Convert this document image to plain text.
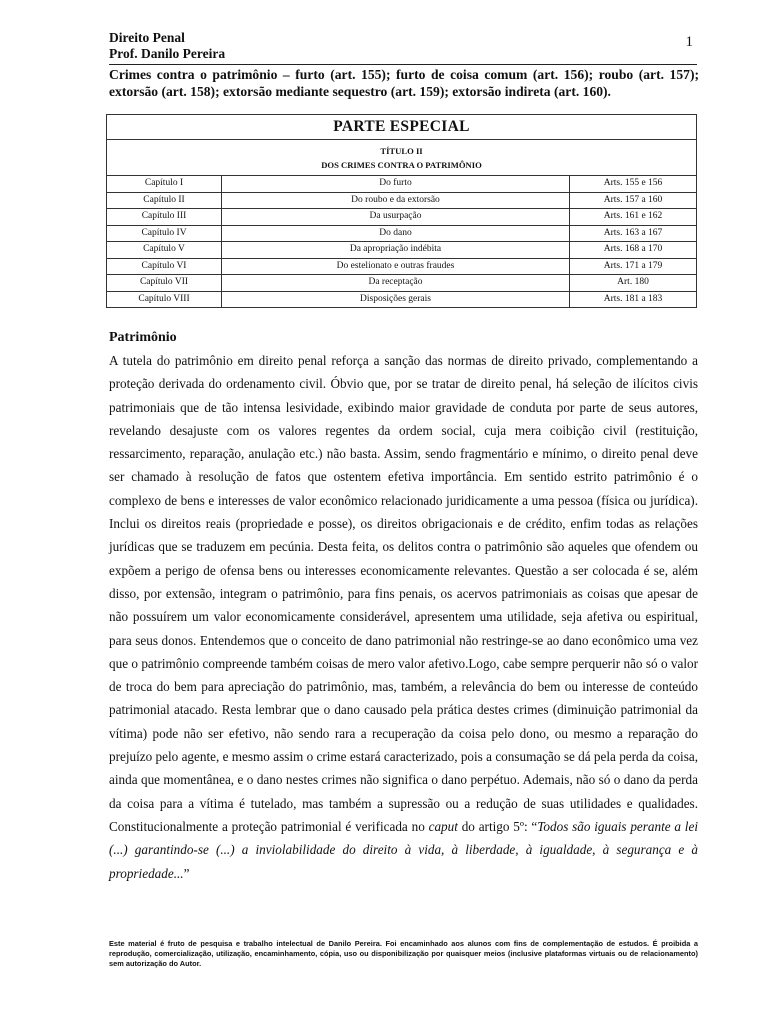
Direito Penal
Prof. Danilo Pereira
1
Crimes contra o patrimônio – furto (art. 155); furto de coisa comum (art. 156); roubo (art. 157); extorsão (art. 158); extorsão mediante sequestro (art. 159); extorsão indireta (art. 160).
PARTE ESPECIAL		

TÍTULO II
DOS CRIMES CONTRA O PATRIMÔNIO		

Capítulo I	Do furto	Arts. 155 e 156
Capítulo II	Do roubo e da extorsão	Arts. 157 a 160
Capítulo III	Da usurpação	Arts. 161 e 162
Capítulo IV	Do dano	Arts. 163 a 167
Capítulo V	Da apropriação indébita	Arts. 168 a 170
Capítulo VI	Do estelionato e outras fraudes	Arts. 171 a 179
Capítulo VII	Da receptação	Art. 180
Capítulo VIII	Disposições gerais	Arts. 181 a 183
Patrimônio
A tutela do patrimônio em direito penal reforça a sanção das normas de direito privado, complementando a proteção derivada do ordenamento civil. Óbvio que, por se tratar de direito penal, há seleção de ilícitos civis patrimoniais que de tão intensa lesividade, exibindo maior gravidade de conduta por parte de seus autores, revelando desajuste com os valores regentes da ordem social, cuja mera coibição civil (restituição, ressarcimento, reparação, anulação etc.) não basta. Assim, sendo fragmentário e mínimo, o direito penal deve ser chamado à resolução de fatos que ostentem efetiva importância. Em sentido estrito patrimônio é o complexo de bens e interesses de valor econômico relacionado juridicamente a uma pessoa (física ou jurídica). Inclui os direitos reais (propriedade e posse), os direitos obrigacionais e de crédito, enfim todas as relações jurídicas que se traduzem em pecúnia. Desta feita, os delitos contra o patrimônio são aqueles que ofendem ou expõem a perigo de ofensa bens ou interesses economicamente relevantes. Questão a ser colocada é se, além disso, por extensão, integram o patrimônio, para fins penais, os acervos patrimoniais as coisas que apesar de não possuírem um valor economicamente considerável, apresentem uma utilidade, seja afetiva ou espiritual, para seus donos. Entendemos que o conceito de dano patrimonial não restringe-se ao dano econômico uma vez que o patrimônio compreende também coisas de mero valor afetivo.Logo, cabe sempre perquerir não só o valor de troca do bem para apreciação do patrimônio, mas, também, a relevância do bem ou interesse de conteúdo patrimonial atacado. Resta lembrar que o dano causado pela prática destes crimes (diminuição patrimonial da vítima) pode não ser efetivo, não sendo rara a recuperação da coisa pelo dono, ou mesmo a reparação do prejuízo pelo agente, e mesmo assim o crime estará caracterizado, pois a consumação se dá pela perda da coisa, ainda que momentânea, e o dano nestes crimes não significa o dano perpétuo. Ademais, não só o dano da perda da coisa para a vítima é tutelado, mas também a supressão ou a redução de suas utilidades e qualidades. Constitucionalmente a proteção patrimonial é verificada no caput do artigo 5º: “Todos são iguais perante a lei (...) garantindo-se (...) a inviolabilidade do direito à vida, à liberdade, à igualdade, à segurança e à propriedade...”
Este material é fruto de pesquisa e trabalho intelectual de Danilo Pereira. Foi encaminhado aos alunos com fins de complementação de estudos. É proibida a reprodução, comercialização, utilização, encaminhamento, cópia, uso ou disponibilização por quaisquer meios (inclusive plataformas virtuais ou de relacionamento) sem autorização do Autor.
